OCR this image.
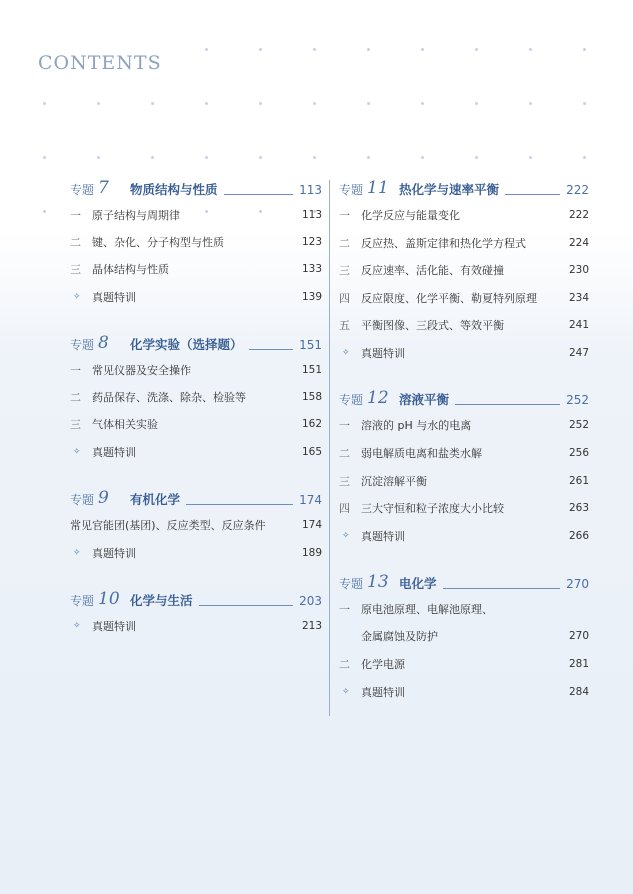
CONTENTS
专题 7	物质结构与性质	113
一	原子结构与周期律	113
二	键、杂化、分子构型与性质	123
三	晶体结构与性质	133
✧	真题特训	139
专题 8	化学实验（选择题）	151
一	常见仪器及安全操作	151
二	药品保存、洗涤、除杂、检验等	158
三	气体相关实验	162
✧	真题特训	165
专题 9	有机化学	174
常见官能团(基团)、反应类型、反应条件	174
✧	真题特训	189
专题 10 化学与生活	203
✧	真题特训	213
专题 11 热化学与速率平衡	222
一	化学反应与能量变化	222
二	反应热、盖斯定律和热化学方程式	224
三	反应速率、活化能、有效碰撞	230
四	反应限度、化学平衡、勒夏特列原理	234
五	平衡图像、三段式、等效平衡	241
✧	真题特训	247
专题 12 溶液平衡	252
一	溶液的 pH 与水的电离	252
二	弱电解质电离和盐类水解	256
三	沉淀溶解平衡	261
四	三大守恒和粒子浓度大小比较	263
✧	真题特训	266
专题 13 电化学	270
一	原电池原理、电解池原理、
金属腐蚀及防护	270
二	化学电源	281
✧	真题特训	284
